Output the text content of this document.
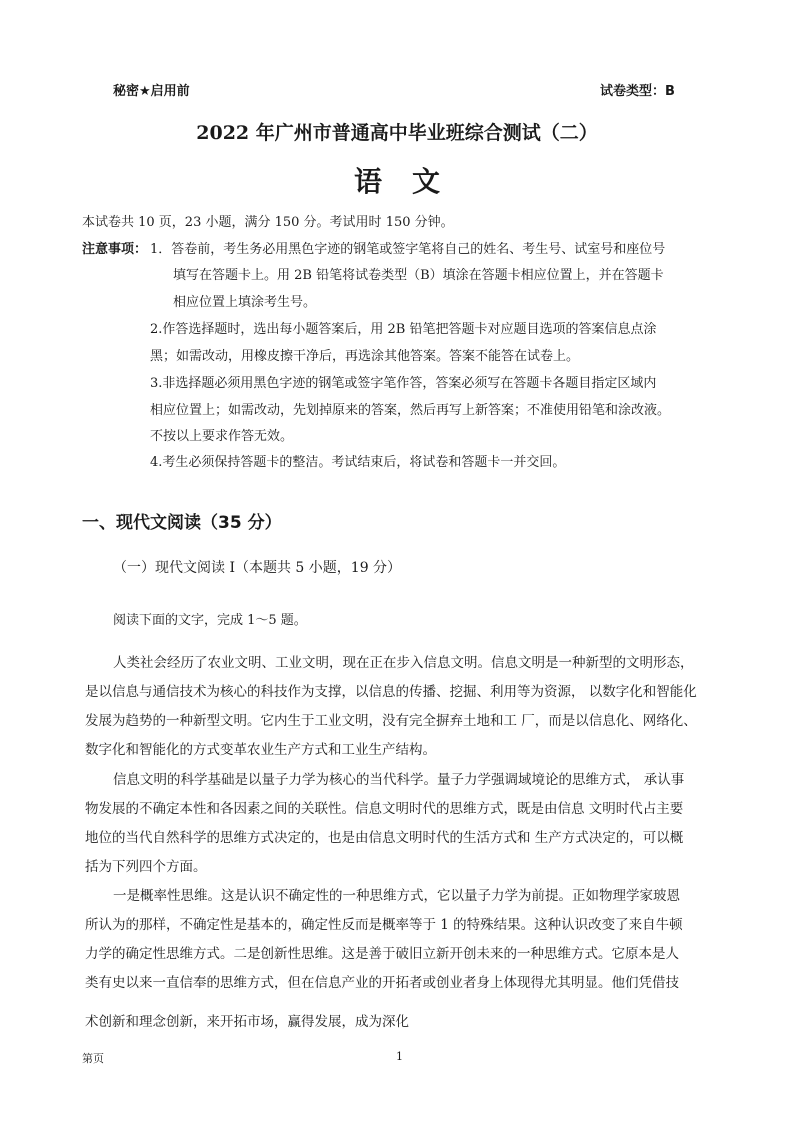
秘密★启用前	试卷类型：B
2022 年广州市普通高中毕业班综合测试（二）
语文
本试卷共 10 页，23 小题，满分 150 分。考试用时 150 分钟。
注意事项： 1．答卷前，考生务必用黑色字迹的钢笔或签字笔将自己的姓名、考生号、试室号和座位号
填写在答题卡上。用 2B 铅笔将试卷类型（B）填涂在答题卡相应位置上，并在答题卡
相应位置上填涂考生号。
2.作答选择题时，选出每小题答案后，用 2B 铅笔把答题卡对应题目选项的答案信息点涂
黑；如需改动，用橡皮擦干净后，再选涂其他答案。答案不能答在试卷上。
3.非选择题必须用黑色字迹的钢笔或签字笔作答，答案必须写在答题卡各题目指定区域内
相应位置上；如需改动，先划掉原来的答案，然后再写上新答案；不准使用铅笔和涂改液。
不按以上要求作答无效。
4.考生必须保持答题卡的整洁。考试结束后，将试卷和答题卡一并交回。
一、现代文阅读（35 分）
（一）现代文阅读 I（本题共 5 小题，19 分）
阅读下面的文字，完成 1～5 题。
人类社会经历了农业文明、工业文明，现在正在步入信息文明。信息文明是一种新型的文明形态，
是以信息与通信技术为核心的科技作为支撑，以信息的传播、挖掘、利用等为资源， 以数字化和智能化
发展为趋势的一种新型文明。它内生于工业文明，没有完全摒弃土地和工 厂，而是以信息化、网络化、
数字化和智能化的方式变革农业生产方式和工业生产结构。
信息文明的科学基础是以量子力学为核心的当代科学。量子力学强调域境论的思维方式， 承认事
物发展的不确定本性和各因素之间的关联性。信息文明时代的思维方式，既是由信息 文明时代占主要
地位的当代自然科学的思维方式决定的，也是由信息文明时代的生活方式和 生产方式决定的，可以概
括为下列四个方面。
一是概率性思维。这是认识不确定性的一种思维方式，它以量子力学为前提。正如物理学家玻恩
所认为的那样，不确定性是基本的，确定性反而是概率等于 1 的特殊结果。这种认识改变了来自牛顿
力学的确定性思维方式。二是创新性思维。这是善于破旧立新开创未来的一种思维方式。它原本是人
类有史以来一直信奉的思维方式，但在信息产业的开拓者或创业者身上体现得尤其明显。他们凭借技
术创新和理念创新，来开拓市场，赢得发展，成为深化
第页	1
